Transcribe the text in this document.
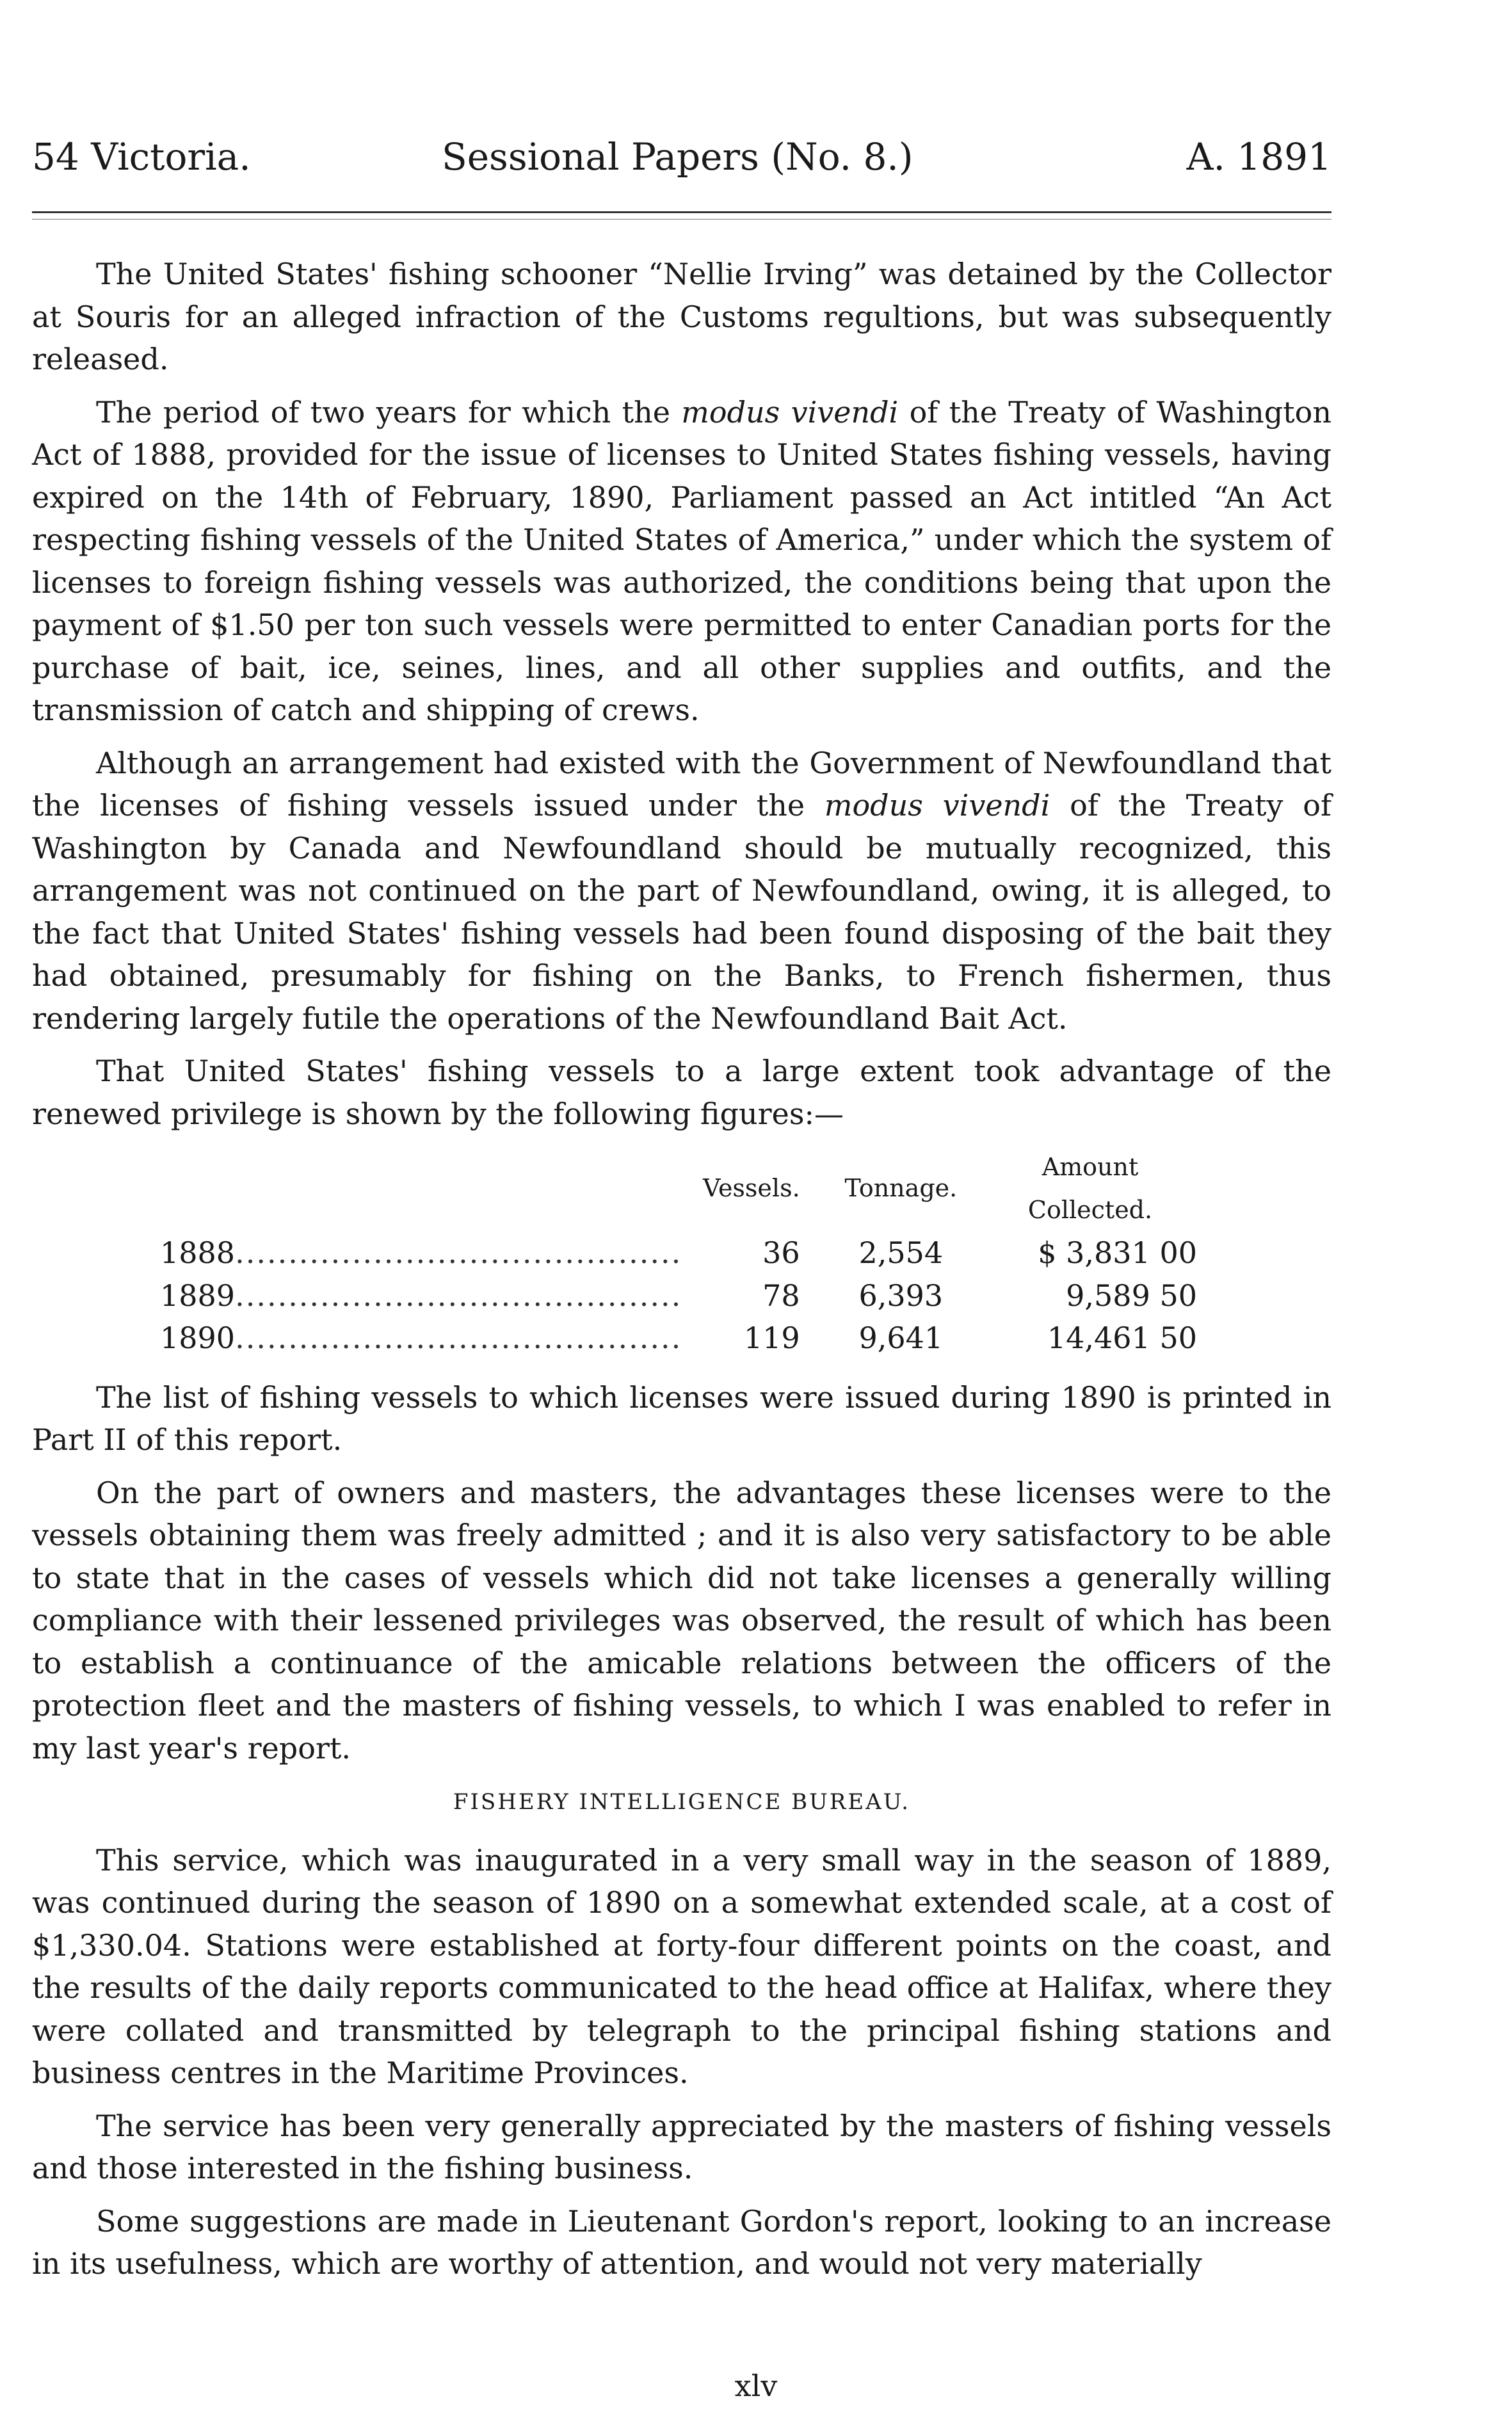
54 Victoria.	Sessional Papers (No. 8.)	A. 1891

The United States' fishing schooner “Nellie Irving” was detained by the Collector at Souris for an alleged infraction of the Customs regultions, but was subsequently released.

The period of two years for which the modus vivendi of the Treaty of Washington Act of 1888, provided for the issue of licenses to United States fishing vessels, having expired on the 14th of February, 1890, Parliament passed an Act intitled “An Act respecting fishing vessels of the United States of America,” under which the system of licenses to foreign fishing vessels was authorized, the conditions being that upon the payment of $1.50 per ton such vessels were permitted to enter Canadian ports for the purchase of bait, ice, seines, lines, and all other supplies and outfits, and the transmission of catch and shipping of crews.

Although an arrangement had existed with the Government of Newfoundland that the licenses of fishing vessels issued under the modus vivendi of the Treaty of Washington by Canada and Newfoundland should be mutually recognized, this arrangement was not continued on the part of Newfoundland, owing, it is alleged, to the fact that United States' fishing vessels had been found disposing of the bait they had obtained, presumably for fishing on the Banks, to French fishermen, thus rendering largely futile the operations of the Newfoundland Bait Act.

That United States' fishing vessels to a large extent took advantage of the renewed privilege is shown by the following figures:—

	Vessels.	Tonnage.	Amount Collected.
1888..........................................	36	2,554	$ 3,831 00
1889..........................................	78	6,393	9,589 50
1890..........................................	119	9,641	14,461 50

The list of fishing vessels to which licenses were issued during 1890 is printed in Part II of this report.

On the part of owners and masters, the advantages these licenses were to the vessels obtaining them was freely admitted ; and it is also very satisfactory to be able to state that in the cases of vessels which did not take licenses a generally willing compliance with their lessened privileges was observed, the result of which has been to establish a continuance of the amicable relations between the officers of the protection fleet and the masters of fishing vessels, to which I was enabled to refer in my last year's report.

FISHERY INTELLIGENCE BUREAU.

This service, which was inaugurated in a very small way in the season of 1889, was continued during the season of 1890 on a somewhat extended scale, at a cost of $1,330.04. Stations were established at forty-four different points on the coast, and the results of the daily reports communicated to the head office at Halifax, where they were collated and transmitted by telegraph to the principal fishing stations and business centres in the Maritime Provinces.

The service has been very generally appreciated by the masters of fishing vessels and those interested in the fishing business.

Some suggestions are made in Lieutenant Gordon's report, looking to an increase in its usefulness, which are worthy of attention, and would not very materially

xlv
